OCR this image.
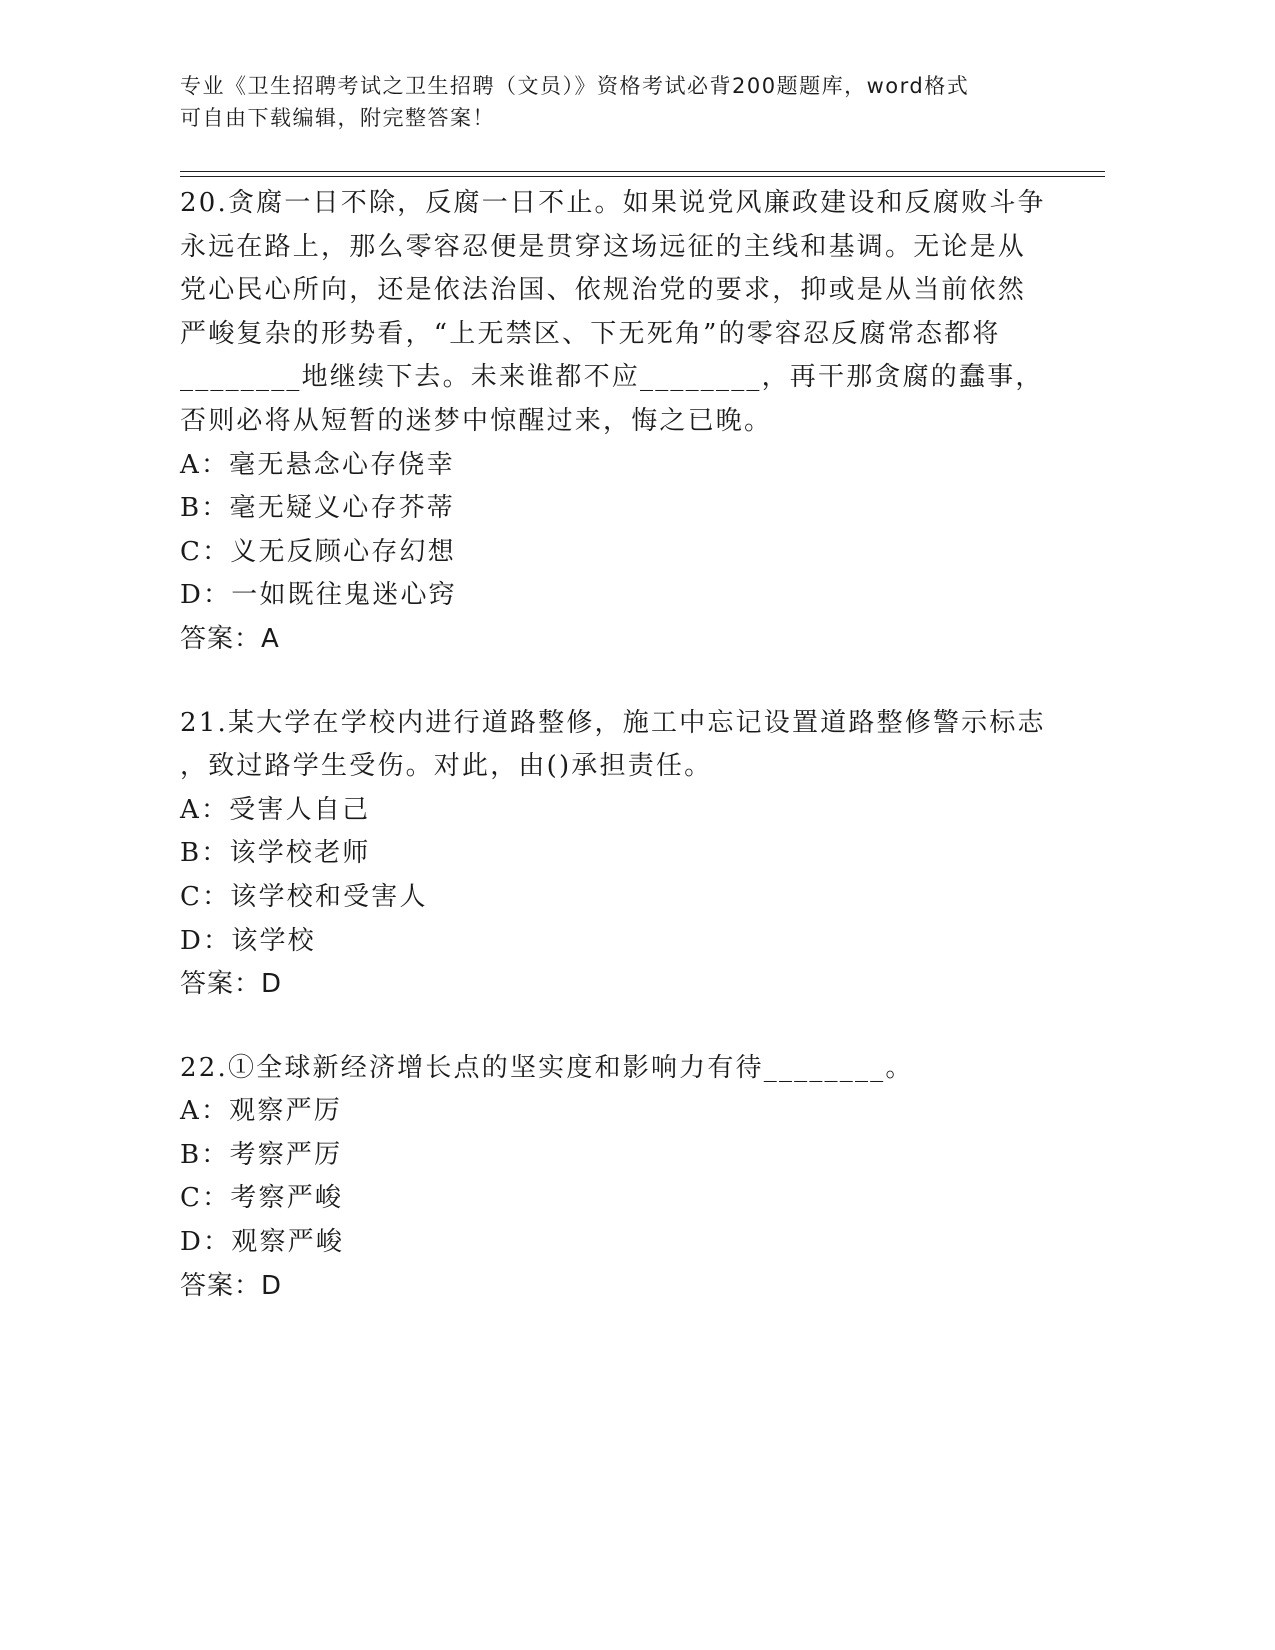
专业《卫生招聘考试之卫生招聘（文员）》资格考试必背200题题库，word格式
可自由下载编辑，附完整答案！
20.贪腐一日不除，反腐一日不止。如果说党风廉政建设和反腐败斗争
永远在路上，那么零容忍便是贯穿这场远征的主线和基调。无论是从
党心民心所向，还是依法治国、依规治党的要求，抑或是从当前依然
严峻复杂的形势看，“上无禁区、下无死角”的零容忍反腐常态都将
________地继续下去。未来谁都不应________，再干那贪腐的蠢事，
否则必将从短暂的迷梦中惊醒过来，悔之已晚。
A：毫无悬念心存侥幸
B：毫无疑义心存芥蒂
C：义无反顾心存幻想
D：一如既往鬼迷心窍
答案：A
21.某大学在学校内进行道路整修，施工中忘记设置道路整修警示标志
，致过路学生受伤。对此，由()承担责任。
A：受害人自己
B：该学校老师
C：该学校和受害人
D：该学校
答案：D
22.①全球新经济增长点的坚实度和影响力有待________。
A：观察严厉
B：考察严厉
C：考察严峻
D：观察严峻
答案：D
